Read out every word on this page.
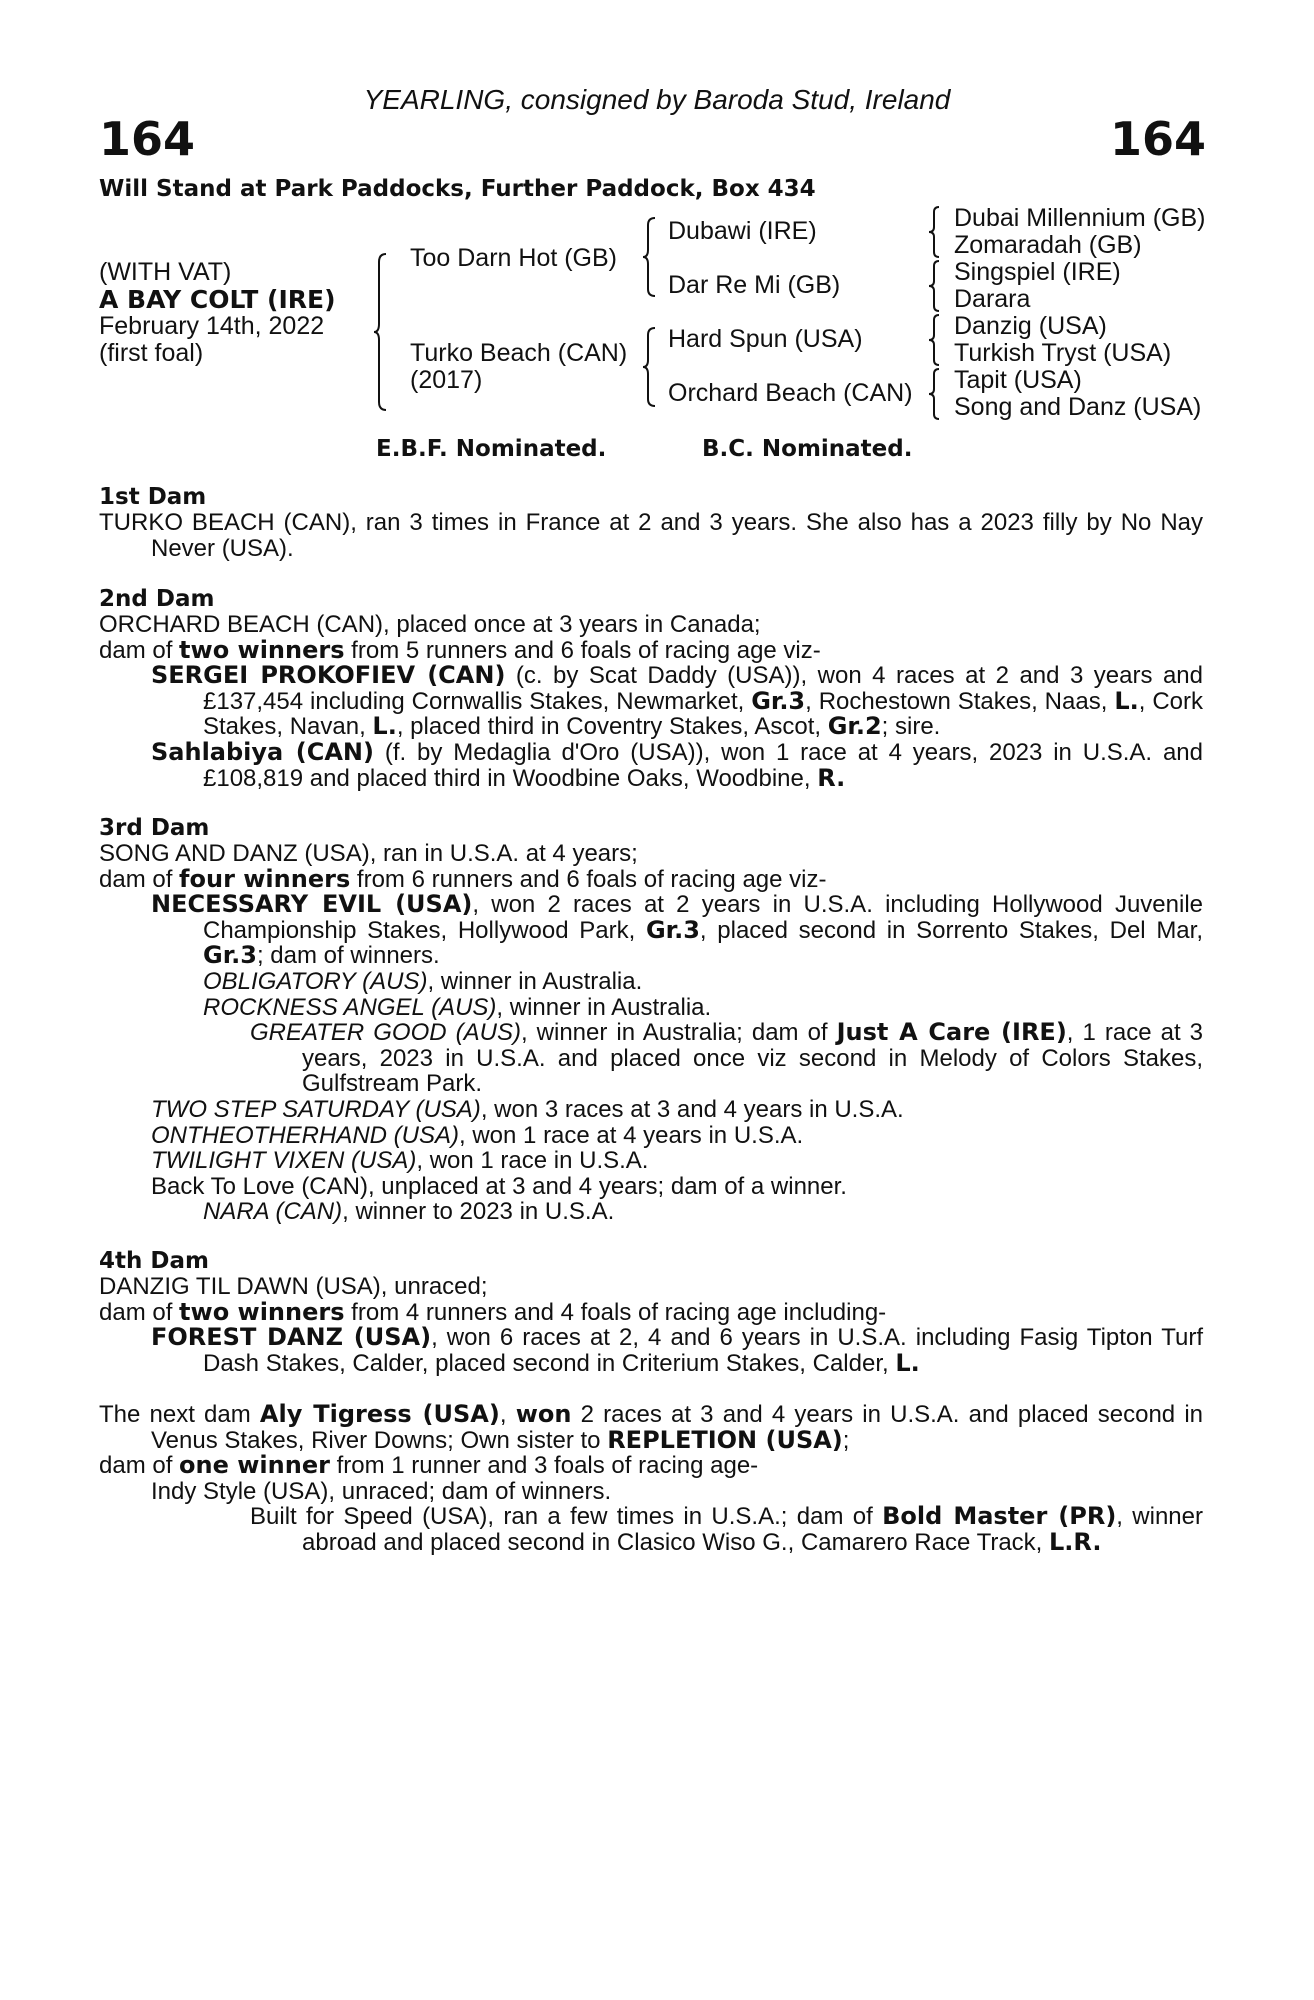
YEARLING, consigned by Baroda Stud, Ireland
164	164
Will Stand at Park Paddocks, Further Paddock, Box 434
(WITH VAT)
A BAY COLT (IRE)
February 14th, 2022
(first foal)
Too Darn Hot (GB)
Turko Beach (CAN)
(2017)
Dubawi (IRE)
Dar Re Mi (GB)
Hard Spun (USA)
Orchard Beach (CAN)
Dubai Millennium (GB)
Zomaradah (GB)
Singspiel (IRE)
Darara
Danzig (USA)
Turkish Tryst (USA)
Tapit (USA)
Song and Danz (USA)
E.B.F. Nominated.	B.C. Nominated.

1st Dam

TURKO BEACH (CAN), ran 3 times in France at 2 and 3 years. She also has a 2023 filly by No Nay Never (USA).

2nd Dam

ORCHARD BEACH (CAN), placed once at 3 years in Canada;

dam of two winners from 5 runners and 6 foals of racing age viz-

SERGEI PROKOFIEV (CAN) (c. by Scat Daddy (USA)), won 4 races at 2 and 3 years and £137,454 including Cornwallis Stakes, Newmarket, Gr.3, Rochestown Stakes, Naas, L., Cork Stakes, Navan, L., placed third in Coventry Stakes, Ascot, Gr.2; sire.

Sahlabiya (CAN) (f. by Medaglia d'Oro (USA)), won 1 race at 4 years, 2023 in U.S.A. and £108,819 and placed third in Woodbine Oaks, Woodbine, R.

3rd Dam

SONG AND DANZ (USA), ran in U.S.A. at 4 years;

dam of four winners from 6 runners and 6 foals of racing age viz-

NECESSARY EVIL (USA), won 2 races at 2 years in U.S.A. including Hollywood Juvenile Championship Stakes, Hollywood Park, Gr.3, placed second in Sorrento Stakes, Del Mar, Gr.3; dam of winners.

OBLIGATORY (AUS), winner in Australia.

ROCKNESS ANGEL (AUS), winner in Australia.

GREATER GOOD (AUS), winner in Australia; dam of Just A Care (IRE), 1 race at 3 years, 2023 in U.S.A. and placed once viz second in Melody of Colors Stakes, Gulfstream Park.

TWO STEP SATURDAY (USA), won 3 races at 3 and 4 years in U.S.A.

ONTHEOTHERHAND (USA), won 1 race at 4 years in U.S.A.

TWILIGHT VIXEN (USA), won 1 race in U.S.A.

Back To Love (CAN), unplaced at 3 and 4 years; dam of a winner.

NARA (CAN), winner to 2023 in U.S.A.

4th Dam

DANZIG TIL DAWN (USA), unraced;

dam of two winners from 4 runners and 4 foals of racing age including-

FOREST DANZ (USA), won 6 races at 2, 4 and 6 years in U.S.A. including Fasig Tipton Turf Dash Stakes, Calder, placed second in Criterium Stakes, Calder, L.

The next dam Aly Tigress (USA), won 2 races at 3 and 4 years in U.S.A. and placed second in Venus Stakes, River Downs; Own sister to REPLETION (USA);

dam of one winner from 1 runner and 3 foals of racing age-

Indy Style (USA), unraced; dam of winners.

Built for Speed (USA), ran a few times in U.S.A.; dam of Bold Master (PR), winner abroad and placed second in Clasico Wiso G., Camarero Race Track, L.R.
